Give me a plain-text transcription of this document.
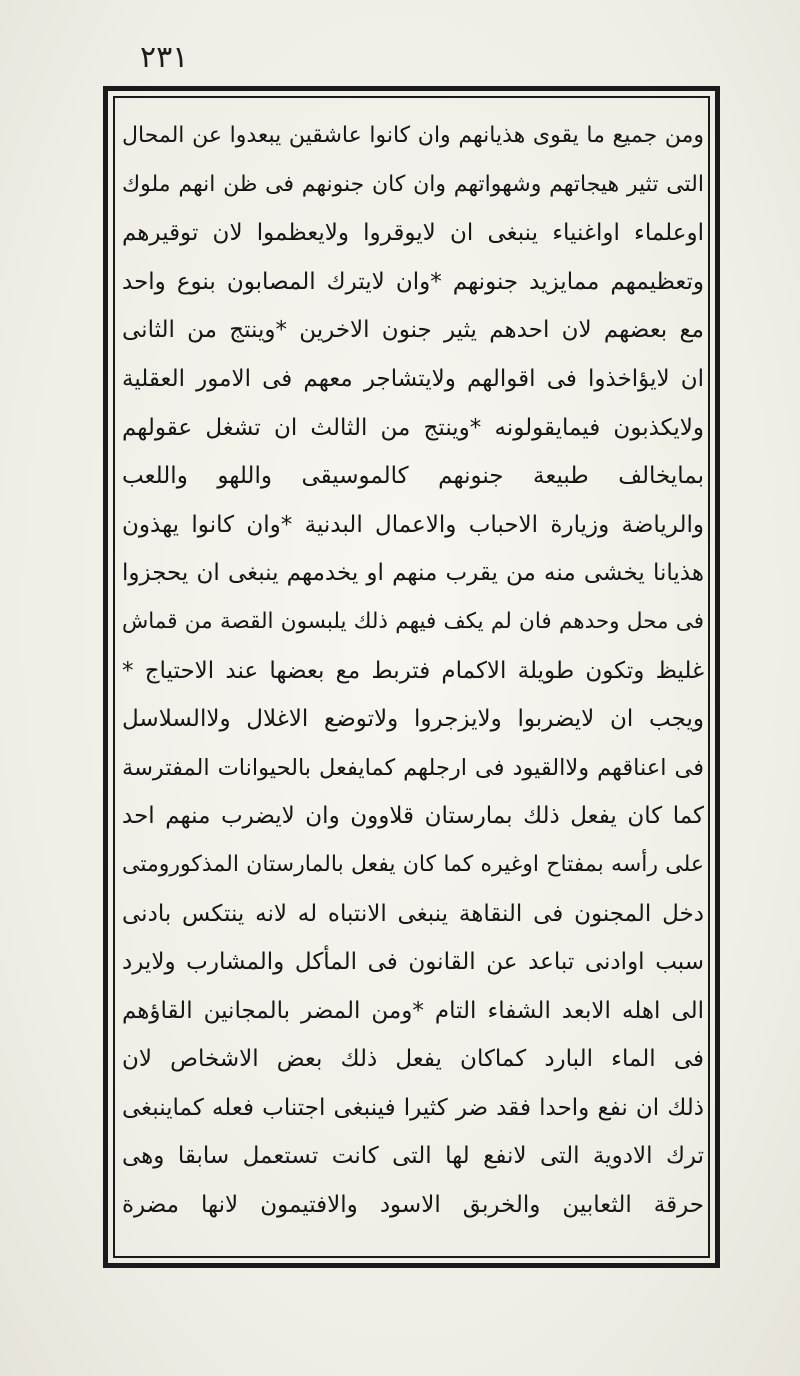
٢٣١
ومن جميع ما يقوى هذيانهم وان كانوا عاشقين يبعدوا عن المحال
التى تثير هيجاتهم وشهواتهم وان كان جنونهم فى ظن انهم ملوك
اوعلماء اواغنياء ينبغى ان لايوقروا ولايعظموا لان توقيرهم
وتعظيمهم ممايزيد جنونهم *وان لايترك المصابون بنوع واحد
مع بعضهم لان احدهم يثير جنون الاخرين *وينتج من الثانى
ان لايؤاخذوا فى اقوالهم ولايتشاجر معهم فى الامور العقلية
ولايكذبون فيمايقولونه *وينتج من الثالث ان تشغل عقولهم
بمايخالف طبيعة جنونهم كالموسيقى واللهو واللعب
والرياضة وزيارة الاحباب والاعمال البدنية *وان كانوا يهذون
هذيانا يخشى منه من يقرب منهم او يخدمهم ينبغى ان يحجزوا
فى محل وحدهم فان لم يكف فيهم ذلك يلبسون القصة من قماش
غليظ وتكون طويلة الاكمام فتربط مع بعضها عند الاحتياج *
ويجب ان لايضربوا ولايزجروا ولاتوضع الاغلال ولاالسلاسل
فى اعناقهم ولاالقيود فى ارجلهم كمايفعل بالحيوانات المفترسة
كما كان يفعل ذلك بمارستان قلاوون وان لايضرب منهم احد
على رأسه بمفتاح اوغيره كما كان يفعل بالمارستان المذكورومتى
دخل المجنون فى النقاهة ينبغى الانتباه له لانه ينتكس بادنى
سبب اوادنى تباعد عن القانون فى المأكل والمشارب ولايرد
الى اهله الابعد الشفاء التام *ومن المضر بالمجانين القاؤهم
فى الماء البارد كماكان يفعل ذلك بعض الاشخاص لان
ذلك ان نفع واحدا فقد ضر كثيرا فينبغى اجتناب فعله كماينبغى
ترك الادوية التى لانفع لها التى كانت تستعمل سابقا وهى
حرقة الثعابين والخربق الاسود والافتيمون لانها مضرة
